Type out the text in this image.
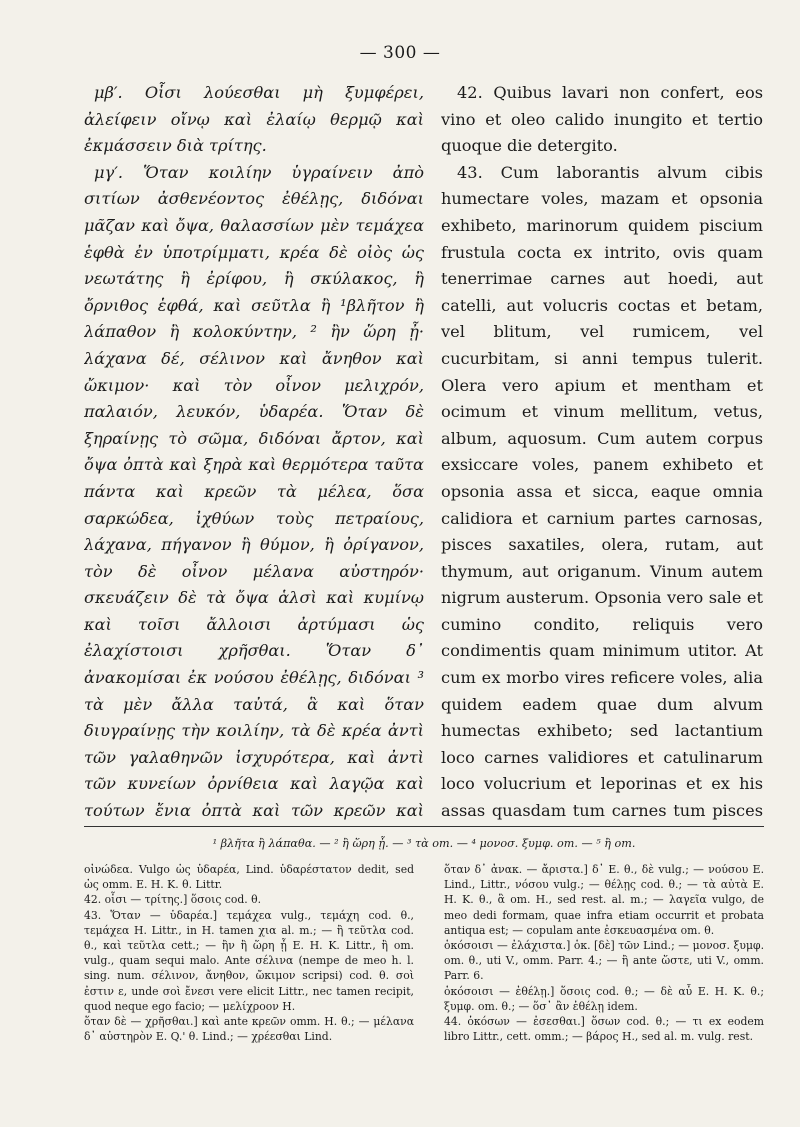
— 300 —

μβ′. Οἷσι λούεσθαι μὴ ξυμφέρει, ἀλείφειν οἴνῳ καὶ ἐλαίῳ θερμῷ καὶ ἐκμάσσειν διὰ τρίτης.

μγ′. Ὅταν κοιλίην ὑγραίνειν ἀπὸ σιτίων ἀσθενέοντος ἐθέλῃς, διδόναι μᾶζαν καὶ ὄψα, θαλασσίων μὲν τεμάχεα ἑφθὰ ἐν ὑποτρίμματι, κρέα δὲ οἰὸς ὡς νεωτάτης ἢ ἐρίφου, ἢ σκύλακος, ἢ ὄρνιθος ἑφθά, καὶ σεῦτλα ἢ ¹βλῆτον ἢ λάπαθον ἢ κολοκύντην, ² ἢν ὥρη ᾖ· λάχανα δέ, σέλινον καὶ ἄνηθον καὶ ὤκιμον· καὶ τὸν οἶνον μελιχρόν, παλαιόν, λευκόν, ὑδαρέα. Ὅταν δὲ ξηραίνῃς τὸ σῶμα, διδόναι ἄρτον, καὶ ὄψα ὀπτὰ καὶ ξηρὰ καὶ θερμότερα ταῦτα πάντα καὶ κρεῶν τὰ μέλεα, ὅσα σαρκώδεα, ἰχθύων τοὺς πετραίους, λάχανα, πήγανον ἢ θύμον, ἢ ὀρίγανον, τὸν δὲ οἶνον μέλανα αὐστηρόν· σκευάζειν δὲ τὰ ὄψα ἁλσὶ καὶ κυμίνῳ καὶ τοῖσι ἄλλοισι ἀρτύμασι ὡς ἐλαχίστοισι χρῆσθαι. Ὅταν δ᾽ ἀνακομίσαι ἐκ νούσου ἐθέλῃς, διδόναι ³ τὰ μὲν ἄλλα ταὐτά, ἃ καὶ ὅταν διυγραίνῃς τὴν κοιλίην, τὰ δὲ κρέα ἀντὶ τῶν γαλαθηνῶν ἰσχυρότερα, καὶ ἀντὶ τῶν κυνείων ὀρνίθεια καὶ λαγῷα καὶ τούτων ἔνια ὀπτὰ καὶ τῶν κρεῶν καὶ

42. Quibus lavari non confert, eos vino et oleo calido inungito et tertio quoque die detergito.

43. Cum laborantis alvum cibis humectare voles, mazam et opsonia exhibeto, marinorum quidem piscium frustula cocta ex intrito, ovis quam tenerrimae carnes aut hoedi, aut catelli, aut volucris coctas et betam, vel blitum, vel rumicem, vel cucurbitam, si anni tempus tulerit. Olera vero apium et mentham et ocimum et vinum mellitum, vetus, album, aquosum. Cum autem corpus exsiccare voles, panem exhibeto et opsonia assa et sicca, eaque omnia calidiora et carnium partes carnosas, pisces saxatiles, olera, rutam, aut thymum, aut origanum. Vinum autem nigrum austerum. Opsonia vero sale et cumino condito, reliquis vero condimentis quam minimum utitor. At cum ex morbo vires reficere voles, alia quidem eadem quae dum alvum humectas exhibeto; sed lactantium loco carnes validiores et catulinarum loco volucrium et leporinas et ex his assas quasdam tum carnes tum pisces

¹ βλῆτα ἢ λάπαθα. — ² ἢ ὥρη ᾖ. — ³ τὰ om. — ⁴ μονοσ. ξυμφ. om. — ⁵ ἢ om.

οἰνώδεα. Vulgo ὡς ὑδαρέα, Lind. ὑδαρέστατον dedit, sed ὡς omm. E. H. K. θ. Littr.

42. οἷσι — τρίτης.] ὅσοις cod. θ.

43. Ὅταν — ὑδαρέα.] τεμάχεα vulg., τεμάχη cod. θ., τεμάχεα H. Littr., in H. tamen χια al. m.; — ἢ τεῦτλα cod. θ., καὶ τεῦτλα cett.; — ἢν ἢ ὥρη ᾖ E. H. K. Littr., ἢ om. vulg., quam sequi malo. Ante σέλινα (nempe de meo h. l. sing. num. σέλινον, ἄνηθον, ὤκιμον scripsi) cod. θ. σοὶ ἐστιν ε, unde σοὶ ἔνεσι vere elicit Littr., nec tamen recipit, quod neque ego facio; — μελίχροον H.

ὅταν δὲ — χρῆσθαι.] καὶ ante κρεῶν omm. H. θ.; — μέλανα δ᾽ αὐστηρὸν E. Q.' θ. Lind.; — χρέεσθαι Lind.

ὅταν δ᾽ ἀνακ. — ἄριστα.] δ᾽ E. θ., δὲ vulg.; — νούσου E. Lind., Littr., νόσου vulg.; — θέλῃς cod. θ.; — τὰ αὐτὰ E. H. K. θ., ἃ om. H., sed rest. al. m.; — λαγεῖα vulgo, de meo dedi formam, quae infra etiam occurrit et probata antiqua est; — copulam ante ἐσκευασμένα om. θ.

ὁκόσοισι — ἐλάχιστα.] ὁκ. [δὲ] τῶν Lind.; — μονοσ. ξυμφ. om. θ., uti V., omm. Parr. 4.; — ἢ ante ὥστε, uti V., omm. Parr. 6.

ὁκόσοισι — ἐθέλῃ.] ὅσοις cod. θ.; — δὲ αὖ E. H. K. θ.; ξυμφ. om. θ.; — ὅσ᾽ ἂν ἐθέλῃ idem.

44. ὁκόσων — ἐσεσθαι.] ὅσων cod. θ.; — τι ex eodem libro Littr., cett. omm.; — βάρος H., sed al. m. vulg. rest.
